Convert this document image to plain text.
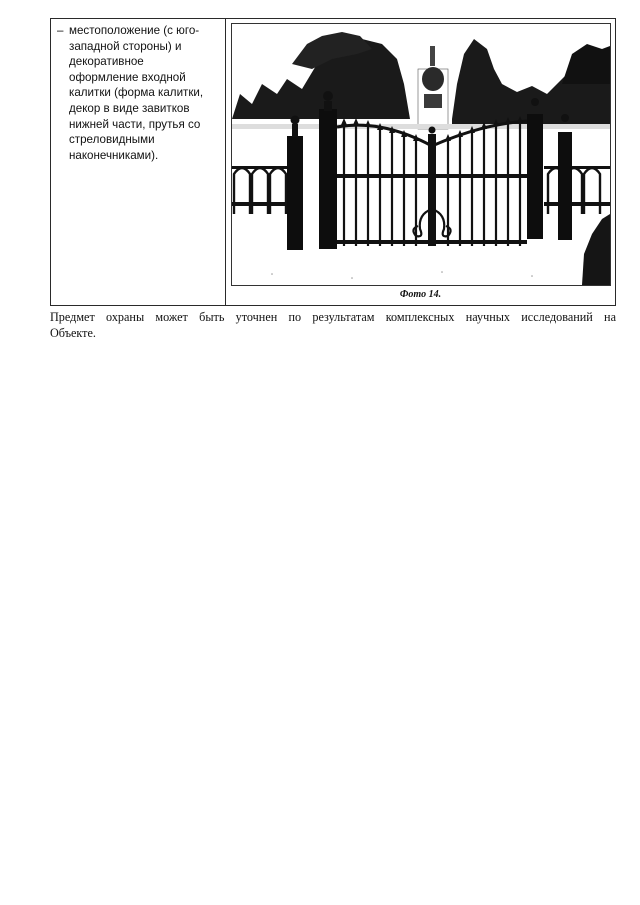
– местоположение (с юго-
западной стороны) и
декоративное
оформление входной
калитки (форма калитки,
декор в виде завитков
нижней части, прутья со
стреловидными
наконечниками).
Фото 14.
Предмет охраны может быть уточнен по результатам комплексных научных исследований на
Объекте.
